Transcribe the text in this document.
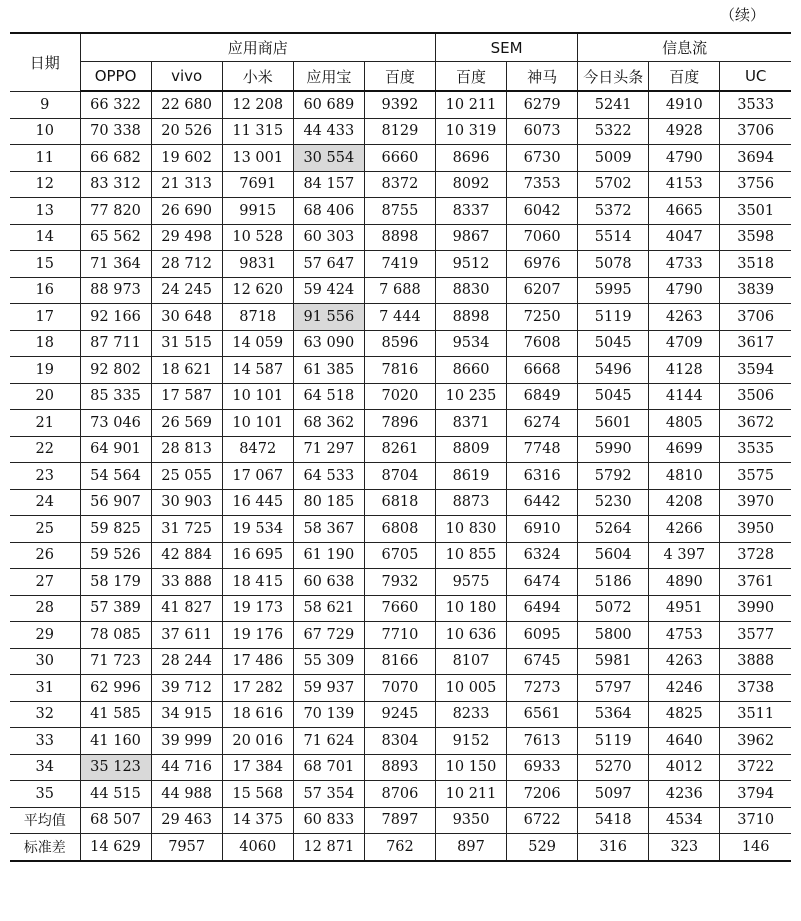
（续）
日期	应用商店					SEM		信息流		
	OPPO	vivo	小米	应用宝	百度	百度	神马	今日头条	百度	UC
9	66 322	22 680	12 208	60 689	9392	10 211	6279	5241	4910	3533
10	70 338	20 526	11 315	44 433	8129	10 319	6073	5322	4928	3706
11	66 682	19 602	13 001	30 554	6660	8696	6730	5009	4790	3694
12	83 312	21 313	7691	84 157	8372	8092	7353	5702	4153	3756
13	77 820	26 690	9915	68 406	8755	8337	6042	5372	4665	3501
14	65 562	29 498	10 528	60 303	8898	9867	7060	5514	4047	3598
15	71 364	28 712	9831	57 647	7419	9512	6976	5078	4733	3518
16	88 973	24 245	12 620	59 424	7 688	8830	6207	5995	4790	3839
17	92 166	30 648	8718	91 556	7 444	8898	7250	5119	4263	3706
18	87 711	31 515	14 059	63 090	8596	9534	7608	5045	4709	3617
19	92 802	18 621	14 587	61 385	7816	8660	6668	5496	4128	3594
20	85 335	17 587	10 101	64 518	7020	10 235	6849	5045	4144	3506
21	73 046	26 569	10 101	68 362	7896	8371	6274	5601	4805	3672
22	64 901	28 813	8472	71 297	8261	8809	7748	5990	4699	3535
23	54 564	25 055	17 067	64 533	8704	8619	6316	5792	4810	3575
24	56 907	30 903	16 445	80 185	6818	8873	6442	5230	4208	3970
25	59 825	31 725	19 534	58 367	6808	10 830	6910	5264	4266	3950
26	59 526	42 884	16 695	61 190	6705	10 855	6324	5604	4 397	3728
27	58 179	33 888	18 415	60 638	7932	9575	6474	5186	4890	3761
28	57 389	41 827	19 173	58 621	7660	10 180	6494	5072	4951	3990
29	78 085	37 611	19 176	67 729	7710	10 636	6095	5800	4753	3577
30	71 723	28 244	17 486	55 309	8166	8107	6745	5981	4263	3888
31	62 996	39 712	17 282	59 937	7070	10 005	7273	5797	4246	3738
32	41 585	34 915	18 616	70 139	9245	8233	6561	5364	4825	3511
33	41 160	39 999	20 016	71 624	8304	9152	7613	5119	4640	3962
34	35 123	44 716	17 384	68 701	8893	10 150	6933	5270	4012	3722
35	44 515	44 988	15 568	57 354	8706	10 211	7206	5097	4236	3794
平均值	68 507	29 463	14 375	60 833	7897	9350	6722	5418	4534	3710
标准差	14 629	7957	4060	12 871	762	897	529	316	323	146
